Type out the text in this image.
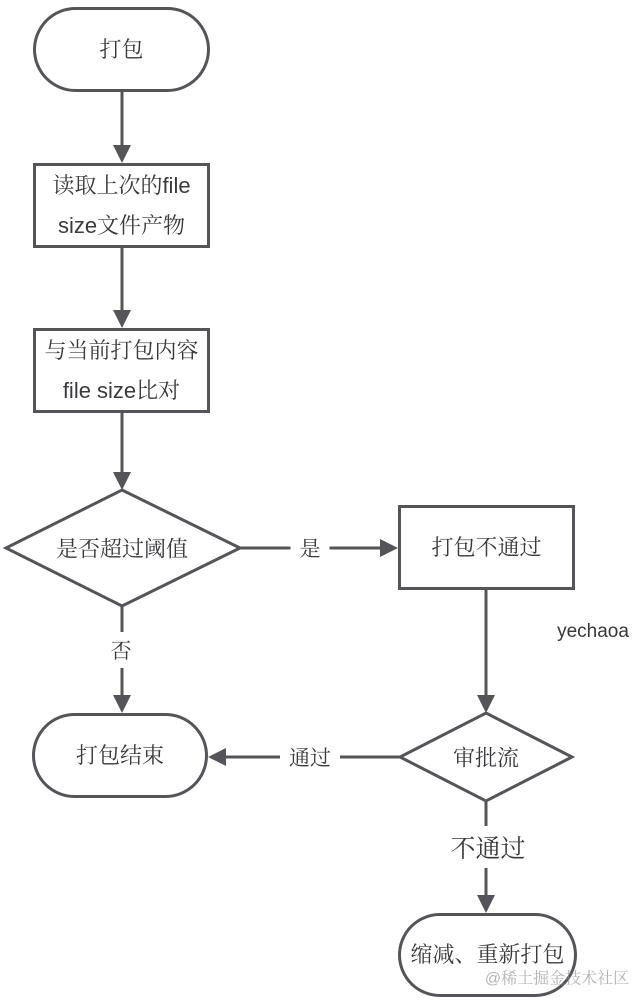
打包
读取上次的file size文件产物
与当前打包内容 file size比对
是否超过阈值	打包不通过
审批流
打包结束
缩减、重新打包
是
否
通过
不通过
yechaoa
@稀土掘金技术社区
